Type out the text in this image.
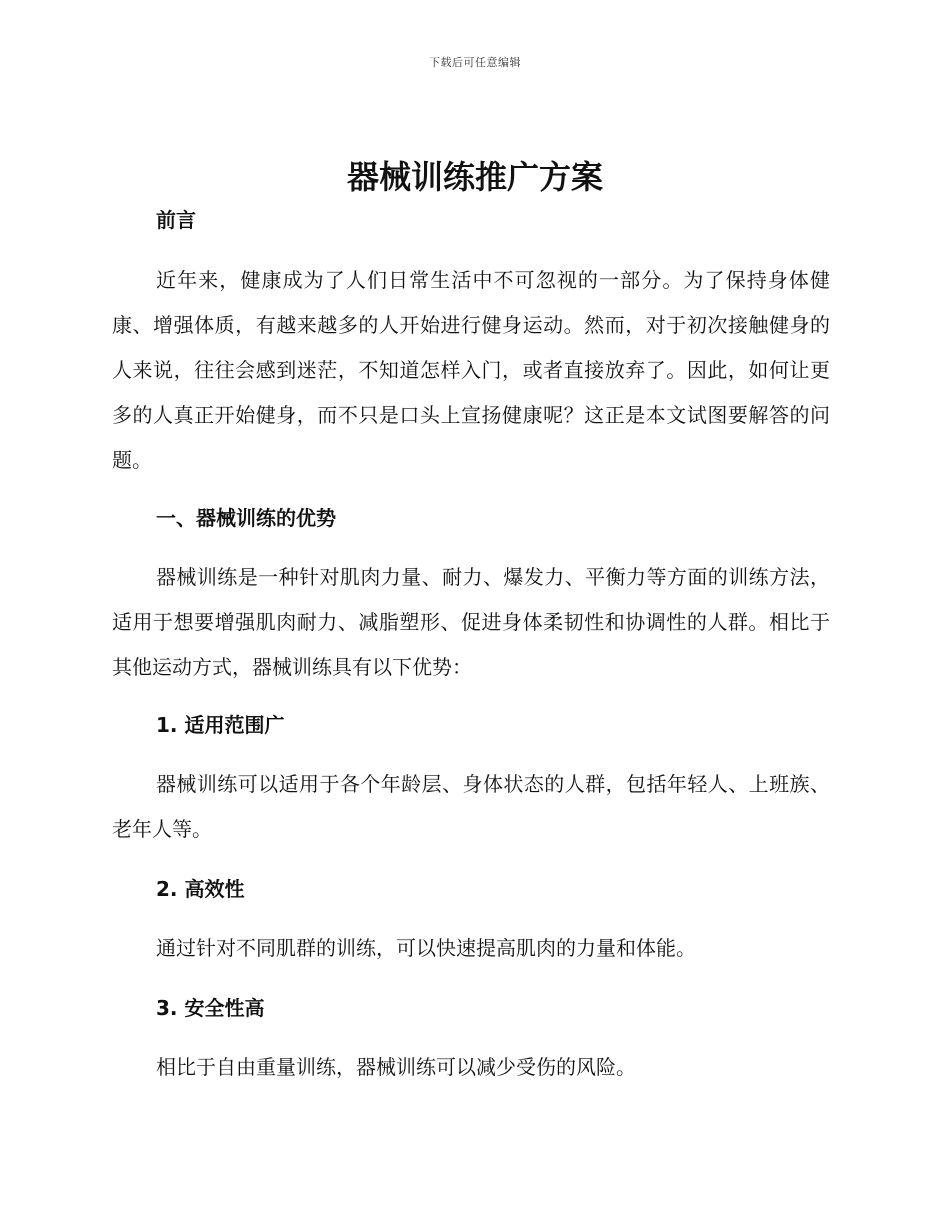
下载后可任意编辑
器械训练推广方案
前言

近年来，健康成为了人们日常生活中不可忽视的一部分。为了保持身体健康、增强体质，有越来越多的人开始进行健身运动。然而，对于初次接触健身的人来说，往往会感到迷茫，不知道怎样入门，或者直接放弃了。因此，如何让更多的人真正开始健身，而不只是口头上宣扬健康呢？这正是本文试图要解答的问题。

一、器械训练的优势

器械训练是一种针对肌肉力量、耐力、爆发力、平衡力等方面的训练方法，适用于想要增强肌肉耐力、减脂塑形、促进身体柔韧性和协调性的人群。相比于其他运动方式，器械训练具有以下优势：

1. 适用范围广

器械训练可以适用于各个年龄层、身体状态的人群，包括年轻人、上班族、老年人等。

2. 高效性

通过针对不同肌群的训练，可以快速提高肌肉的力量和体能。

3. 安全性高

相比于自由重量训练，器械训练可以减少受伤的风险。
